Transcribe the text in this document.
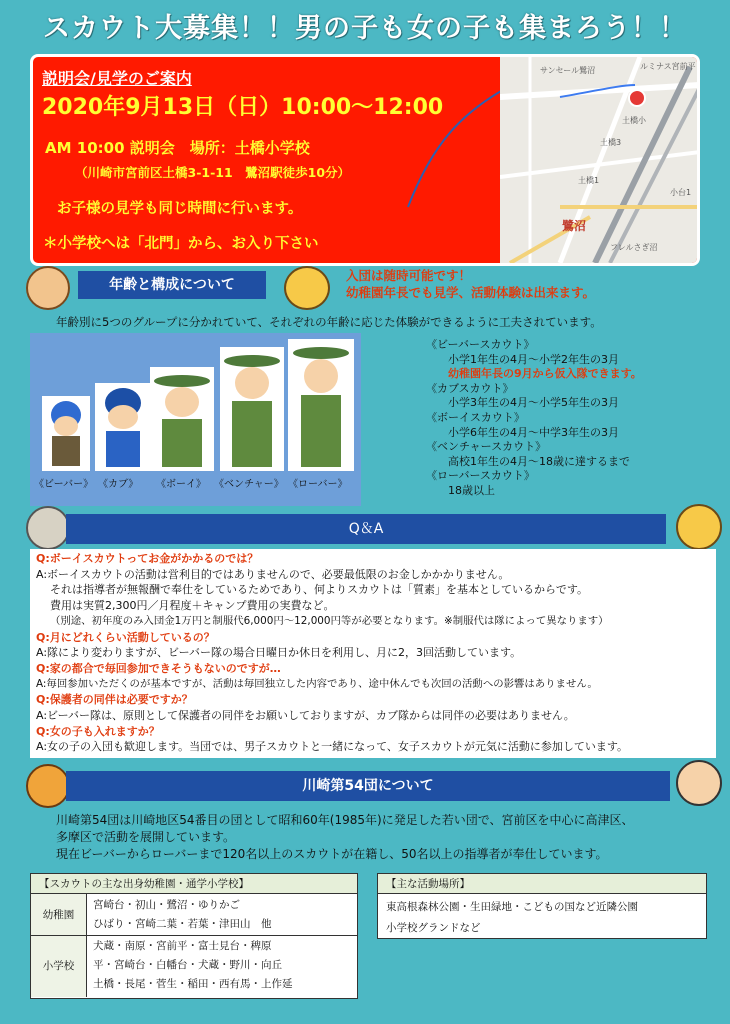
スカウト大募集！！男の子も女の子も集まろう！！
説明会/見学のご案内
2020年9月13日（日）10:00～12:00
AM 10:00 説明会　場所：土橋小学校
（川崎市宮前区土橋3-1-11　鷺沼駅徒歩10分）
お子様の見学も同じ時間に行います。
＊小学校へは「北門」から、お入り下さい
サンセール鷺沼	ルミナス宮前平
土橋小
土橋3
土橋1
小台1
鷺沼
フレルさぎ沼
年齢と構成について
入団は随時可能です！
幼稚園年長でも見学、活動体験は出来ます。
年齢別に5つのグループに分かれていて、それぞれの年齢に応じた体験ができるように工夫されています。
《ビーバー》 《カブ》 《ボーイ》 《ベンチャー》 《ローバー》
《ビーバースカウト》
小学1年生の4月～小学2年生の3月
幼稚園年長の9月から仮入隊できます。
《カブスカウト》
小学3年生の4月～小学5年生の3月
《ボーイスカウト》
小学6年生の4月～中学3年生の3月
《ベンチャースカウト》
高校1年生の4月～18歳に達するまで
《ローバースカウト》
18歳以上
Q＆A
Q:ボーイスカウトってお金がかかるのでは？
A:ボーイスカウトの活動は営利目的ではありませんので、必要最低限のお金しかかかりません。
それは指導者が無報酬で奉仕をしているためであり、何よりスカウトは「質素」を基本としているからです。
費用は実質2,300円／月程度＋キャンプ費用の実費など。
（別途、初年度のみ入団金1万円と制服代6,000円～12,000円等が必要となります。※制服代は隊によって異なります）
Q:月にどれくらい活動しているの？
A:隊により変わりますが、ビーバー隊の場合日曜日か休日を利用し、月に2，3回活動しています。
Q:家の都合で毎回参加できそうもないのですが…
A:毎回参加いただくのが基本ですが、活動は毎回独立した内容であり、途中休んでも次回の活動への影響はありません。
Q:保護者の同伴は必要ですか？
A:ビーバー隊は、原則として保護者の同伴をお願いしておりますが、カブ隊からは同伴の必要はありません。
Q:女の子も入れますか？
A:女の子の入団も歓迎します。当団では、男子スカウトと一緒になって、女子スカウトが元気に活動に参加しています。
川崎第54団について
川崎第54団は川崎地区54番目の団として昭和60年(1985年)に発足した若い団で、宮前区を中心に高津区、
多摩区で活動を展開しています。
現在ビーバーからローバーまで120名以上のスカウトが在籍し、50名以上の指導者が奉仕しています。
【スカウトの主な出身幼稚園・通学小学校】
幼稚園
宮崎台・初山・鷺沼・ゆりかご
ひばり・宮崎二葉・若葉・津田山　他
小学校
犬蔵・南原・宮前平・富士見台・稗原
平・宮崎台・白幡台・犬蔵・野川・向丘
土橋・長尾・菅生・稲田・西有馬・上作延
【主な活動場所】
東高根森林公園・生田緑地・こどもの国など近隣公園
小学校グランドなど
